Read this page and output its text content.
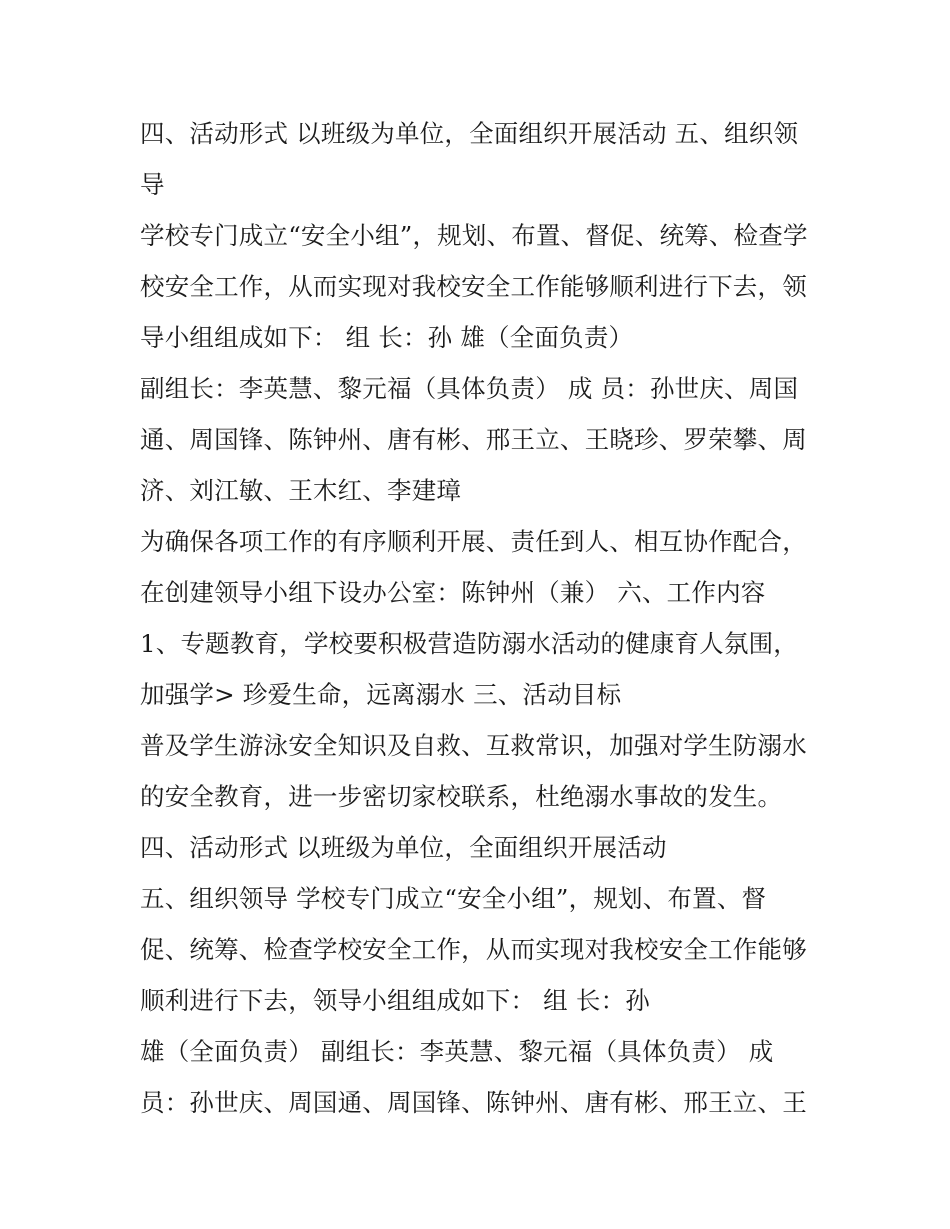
四、活动形式 以班级为单位，全面组织开展活动 五、组织领
导
学校专门成立“安全小组”，规划、布置、督促、统筹、检查学
校安全工作，从而实现对我校安全工作能够顺利进行下去，领
导小组组成如下： 组 长：孙 雄（全面负责）
副组长：李英慧、黎元福（具体负责） 成 员：孙世庆、周国
通、周国锋、陈钟州、唐有彬、邢王立、王晓珍、罗荣攀、周
济、刘江敏、王木红、李建璋
为确保各项工作的有序顺利开展、责任到人、相互协作配合，
在创建领导小组下设办公室：陈钟州（兼） 六、工作内容
1、专题教育，学校要积极营造防溺水活动的健康育人氛围，
加强学> 珍爱生命，远离溺水 三、活动目标
普及学生游泳安全知识及自救、互救常识，加强对学生防溺水
的安全教育，进一步密切家校联系，杜绝溺水事故的发生。
四、活动形式 以班级为单位，全面组织开展活动
五、组织领导 学校专门成立“安全小组”，规划、布置、督
促、统筹、检查学校安全工作，从而实现对我校安全工作能够
顺利进行下去，领导小组组成如下： 组 长：孙
雄（全面负责） 副组长：李英慧、黎元福（具体负责） 成
员：孙世庆、周国通、周国锋、陈钟州、唐有彬、邢王立、王
